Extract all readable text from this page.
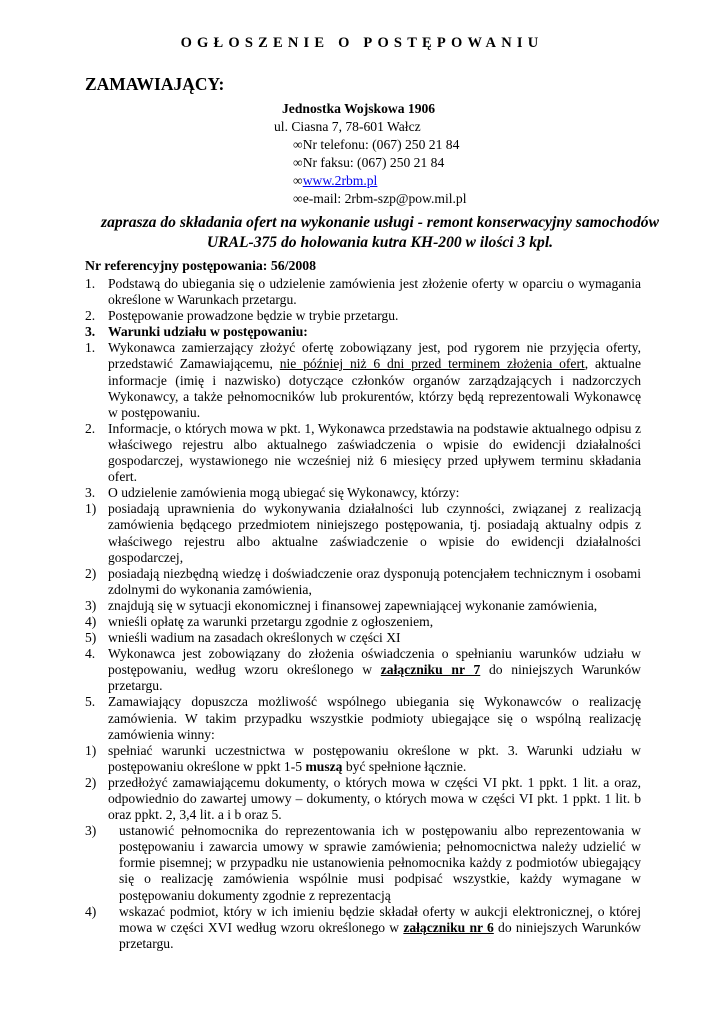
OGŁOSZENIE O POSTĘPOWANIU
ZAMAWIAJĄCY:
Jednostka Wojskowa 1906
ul. Ciasna 7, 78-601 Wałcz
∞Nr telefonu: (067) 250 21 84
∞Nr faksu: (067) 250 21 84
∞www.2rbm.pl
∞e-mail: 2rbm-szp@pow.mil.pl
zaprasza do składania ofert na wykonanie usługi - remont konserwacyjny samochodów URAL-375 do holowania kutra KH-200 w ilości 3 kpl.
Nr referencyjny postępowania: 56/2008
1. Podstawą do ubiegania się o udzielenie zamówienia jest złożenie oferty w oparciu o wymagania określone w Warunkach przetargu.
2. Postępowanie prowadzone będzie w trybie przetargu.
3. Warunki udziału w postępowaniu:
1. Wykonawca zamierzający złożyć ofertę zobowiązany jest, pod rygorem nie przyjęcia oferty, przedstawić Zamawiającemu, nie później niż 6 dni przed terminem złożenia ofert, aktualne informacje (imię i nazwisko) dotyczące członków organów zarządzających i nadzorczych Wykonawcy, a także pełnomocników lub prokurentów, którzy będą reprezentowali Wykonawcę w postępowaniu.
2. Informacje, o których mowa w pkt. 1, Wykonawca przedstawia na podstawie aktualnego odpisu z właściwego rejestru albo aktualnego zaświadczenia o wpisie do ewidencji działalności gospodarczej, wystawionego nie wcześniej niż 6 miesięcy przed upływem terminu składania ofert.
3. O udzielenie zamówienia mogą ubiegać się Wykonawcy, którzy:
1) posiadają uprawnienia do wykonywania działalności lub czynności, związanej z realizacją zamówienia będącego przedmiotem niniejszego postępowania, tj. posiadają aktualny odpis z właściwego rejestru albo aktualne zaświadczenie o wpisie do ewidencji działalności gospodarczej,
2) posiadają niezbędną wiedzę i doświadczenie oraz dysponują potencjałem technicznym i osobami zdolnymi do wykonania zamówienia,
3) znajdują się w sytuacji ekonomicznej i finansowej zapewniającej wykonanie zamówienia,
4) wnieśli opłatę za warunki przetargu zgodnie z ogłoszeniem,
5) wnieśli wadium na zasadach określonych w części XI
4. Wykonawca jest zobowiązany do złożenia oświadczenia o spełnianiu warunków udziału w postępowaniu, według wzoru określonego w załączniku nr 7 do niniejszych Warunków przetargu.
5. Zamawiający dopuszcza możliwość wspólnego ubiegania się Wykonawców o realizację zamówienia. W takim przypadku wszystkie podmioty ubiegające się o wspólną realizację zamówienia winny:
1) spełniać warunki uczestnictwa w postępowaniu określone w pkt. 3. Warunki udziału w postępowaniu określone w ppkt 1-5 muszą być spełnione łącznie.
2) przedłożyć zamawiającemu dokumenty, o których mowa w części VI pkt. 1 ppkt. 1 lit. a oraz, odpowiednio do zawartej umowy – dokumenty, o których mowa w części VI pkt. 1 ppkt. 1 lit. b oraz ppkt. 2, 3,4 lit. a i b oraz 5.
3) ustanowić pełnomocnika do reprezentowania ich w postępowaniu albo reprezentowania w postępowaniu i zawarcia umowy w sprawie zamówienia; pełnomocnictwa należy udzielić w formie pisemnej; w przypadku nie ustanowienia pełnomocnika każdy z podmiotów ubiegający się o realizację zamówienia wspólnie musi podpisać wszystkie, każdy wymagane w postępowaniu dokumenty zgodnie z reprezentacją
4) wskazać podmiot, który w ich imieniu będzie składał oferty w aukcji elektronicznej, o której mowa w części XVI według wzoru określonego w załączniku nr 6 do niniejszych Warunków przetargu.
